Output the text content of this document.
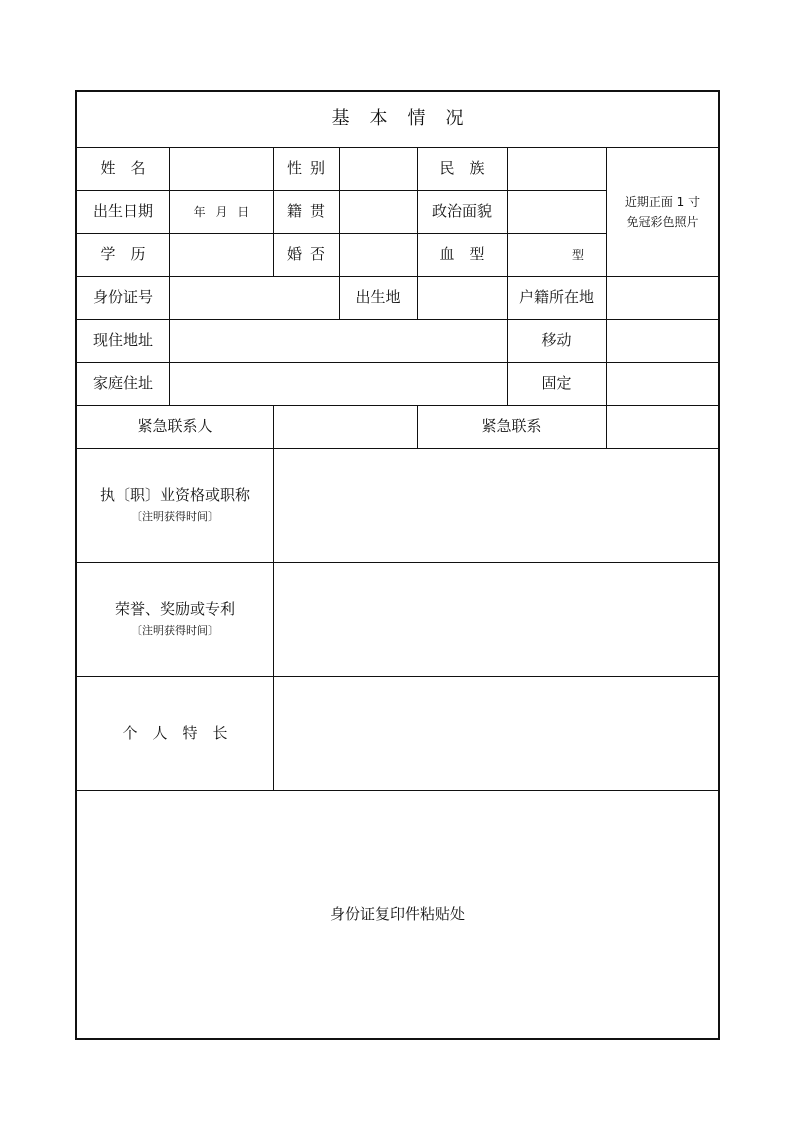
基本情况
姓名	性别	民族
出生日期	年 月 日	籍贯	政治面貌
学历	婚否	血型	型
近期正面 1 寸
免冠彩色照片
身份证号	出生地	户籍所在地
现住地址	移动
家庭住址	固定
紧急联系人	紧急联系
执〔职〕业资格或职称
〔注明获得时间〕
荣誉、奖励或专利
〔注明获得时间〕
个人特长
身份证复印件粘贴处
